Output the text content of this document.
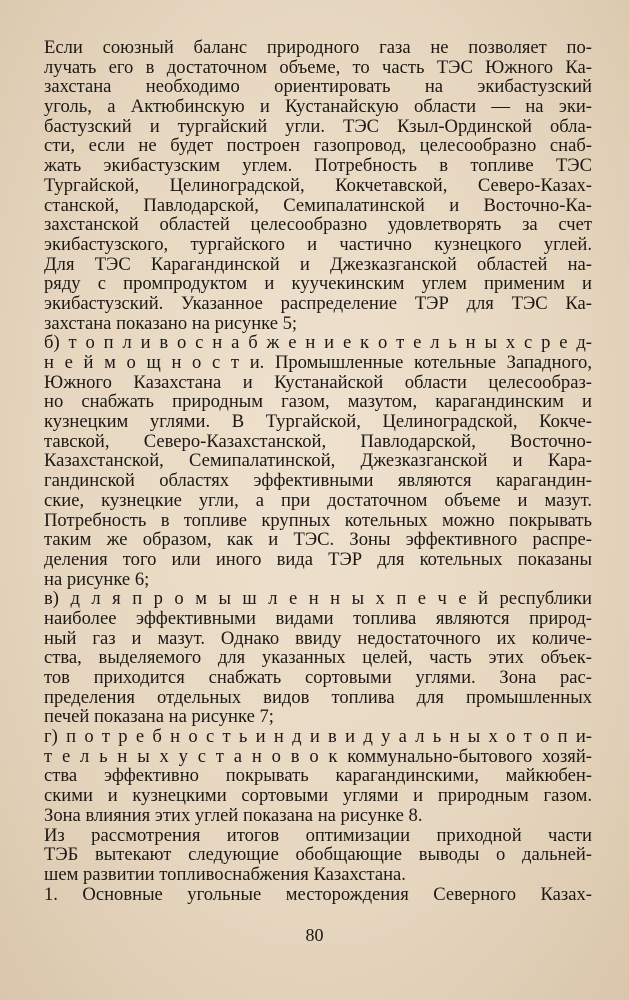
Если союзный баланс природного газа не позволяет по-
лучать его в достаточном объеме, то часть ТЭС Южного Ка-
захстана необходимо ориентировать на экибастузский
уголь, а Актюбинскую и Кустанайскую области — на эки-
бастузский и тургайский угли. ТЭС Кзыл-Ординской обла-
сти, если не будет построен газопровод, целесообразно снаб-
жать экибастузским углем. Потребность в топливе ТЭС
Тургайской, Целиноградской, Кокчетавской, Северо-Казах-
станской, Павлодарской, Семипалатинской и Восточно-Ка-
захстанской областей целесообразно удовлетворять за счет
экибастузского, тургайского и частично кузнецкого углей.
Для ТЭС Карагандинской и Джезказганской областей на-
ряду с промпродуктом и куучекинским углем применим и
экибастузский. Указанное распределение ТЭР для ТЭС Ка-
захстана показано на рисунке 5;
б) т о п л и в о с н а б ж е н и е к о т е л ь н ы х с р е д-
н е й м о щ н о с т и. Промышленные котельные Западного,
Южного Казахстана и Кустанайской области целесообраз-
но снабжать природным газом, мазутом, карагандинским и
кузнецким углями. В Тургайской, Целиноградской, Кокче-
тавской, Северо-Казахстанской, Павлодарской, Восточно-
Казахстанской, Семипалатинской, Джезказганской и Кара-
гандинской областях эффективными являются карагандин-
ские, кузнецкие угли, а при достаточном объеме и мазут.
Потребность в топливе крупных котельных можно покрывать
таким же образом, как и ТЭС. Зоны эффективного распре-
деления того или иного вида ТЭР для котельных показаны
на рисунке 6;
в) д л я п р о м ы ш л е н н ы х п е ч е й республики
наиболее эффективными видами топлива являются природ-
ный газ и мазут. Однако ввиду недостаточного их количе-
ства, выделяемого для указанных целей, часть этих объек-
тов приходится снабжать сортовыми углями. Зона рас-
пределения отдельных видов топлива для промышленных
печей показана на рисунке 7;
г) п о т р е б н о с т ь и н д и в и д у а л ь н ы х о т о п и-
т е л ь н ы х у с т а н о в о к коммунально-бытового хозяй-
ства эффективно покрывать карагандинскими, майкюбен-
скими и кузнецкими сортовыми углями и природным газом.
Зона влияния этих углей показана на рисунке 8.
Из рассмотрения итогов оптимизации приходной части
ТЭБ вытекают следующие обобщающие выводы о дальней-
шем развитии топливоснабжения Казахстана.
1. Основные угольные месторождения Северного Казах-
80
